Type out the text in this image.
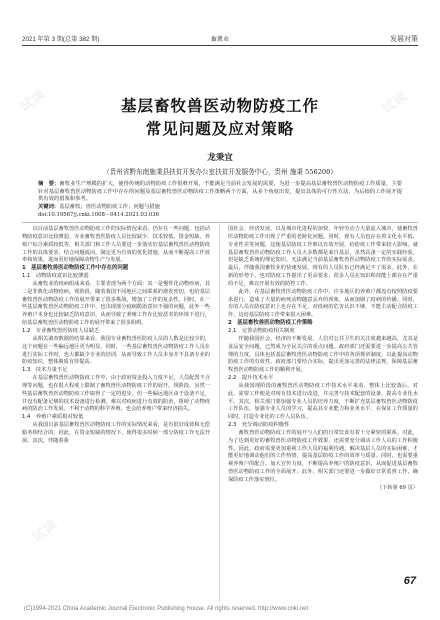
试读	试读
试读
试读
试读
2021 年第 3 期(总第 382 期)	畜禽业	发展对策
基层畜牧兽医动物防疫工作
常见问题及应对策略
龙秉宜
（贵州省黔东南施秉县扶贫开发办公室扶贫开发服务中心，贵州 施秉 556200）
摘　要：畜牧业生产规模的扩大，使得传统的动物防疫工作很难开展，不能满足当前社会发展的需要。为进一步提高基层畜牧兽医动物防疫工作质量，主要针对基层畜牧兽医动物防疫工作中存在的问题及基层畜牧兽医动物防疫工作策略两个方面，从多个角度出发，提出具体的可行性方法，为后续的工作展开提供有效的借鉴和参考。
关键词：基层畜牧；兽医动物防疫工作；问题与措施
doi:10.19567/j.cnki.1008－0414.2021.03.036

以目前基层畜牧兽医动物防疫工作的实际情况来看，仍存在一些问题，包括动物防疫意识比较薄弱、专业畜牧兽医防疫人员比较缺少、技术较低、资金短缺、养殖户综合素质较低等，相关部门和工作人员要进一步落实好基层畜牧兽医动物防疫工作的具体要求，结合问题成因，制定更为有效的优化措施，从而不断提高工作效率和效果，进而更好地保障动物生产与发展。

1　基层畜牧兽医动物防疫工作中存在的问题

1.1　动物防疫意识比较薄弱

从畜牧业的疫病组成来看，主要表现为两个方面：其一是慢性化动物疾病，其二是非典化动物疫病。现阶段，随着我国不同地区之间联系的愈发密切，也给基层畜牧兽医动物防疫工作的展开带来了很多挑战，增加了工作的复杂性。同时，在一些基层畜牧兽医动物防疫工作中，也出现部分疫病防治意识不强的问题，此外一些养殖户本身也比较缺乏防疫意识，从而导致了养殖工作在比较恶劣的环境下进行，给基层畜牧兽医动物防疫工作的展开带来了很多阻碍。

1.2　专业畜牧兽医防疫人员缺乏

从相关调查数据的结果来看，我国专业畜牧兽医防疫人员的人数是比较少的，这个问题在一些偏远地区更为明显。同时，一些基层畜牧兽医动物防疫工作人员在进行实际工作时，也大都缺少专业的培训，从而导致工作人员本身并不具备专业的防疫知识，整体素质有待提高。

1.3　技术力量不足

在基层畜牧兽医动物防疫工作中，由于政府资金投入力度不足，人员配置不合理等问题，也在很大程度上限制了畜牧兽医动物防疫工作的展开。现阶段，虽然一些基层畜牧兽医动物防疫工作取得了一定的进步，但一些偏远地区由于设备不足，并没有配备足够的技术设备进行检测，难以对疫病进行有效的防治，阻碍了动物疫病的防治工作发展，不利于动物的科学养殖，也会给养殖户带来经济损失。

1.4　养殖户素质相对较低

从我国目前基层畜牧兽医动物防疫工作的实际情况来看，是有很好成效和无偿服务相结合的，因此，在资金短缺的情况下，使得很多时候一部分防疫工作无法开展。其次，伴随着我

国社会、经济发展，以及城市化进程的加快，年轻劳动力大量流入城市，使畜牧兽医动物防疫工作出现了严重的老龄化问题。同时，现有人员也存在着文化水平低、专业性差等问题，这使基层防疫工作难以有效开展，给防疫工作带来较大影响。就基层畜牧兽医动物防疫工作人员大多数都是来自基层，虽然具备一定的实践经验，但是缺乏系统的理论知识，无法满足当前基层畜牧兽医动物防疫工作的实际需求。最后，伴随我国畜牧业的快速发展，现有的人员队伍已经满足不了需求。此外，在新的形势下，也对防疫工作提出了更高要求，很多人员在知识和技能上都存在严重的不足，难以开展有效的防控工作。

此外，在基层畜牧兽医动物防疫工作中，许多地区的养殖户都没有按照防疫要求进行，造成了大量的病死动物随意丢弃的现象，从而加剧了疫病的传播。同时，有的人员在防疫意识上也存在不足，对疫病的危害认识不够，不能主动配合防疫工作，这给基层防疫工作带来很大困难。

2　基层畜牧兽医动物防疫工作策略

2.1　完善动物防疫相关制度

伴随我国社会、经济的不断发展，人们对公共卫生的关注度越来越高，尤其是食品安全问题，已然成为全民关注的重点问题。政府部门还需要进一步提高公共管理的力度，具体包括基层畜牧兽医动物防疫工作中的各项规章制度，以此提高动物防疫工作的有效性。政府部门要结合实际，提出更加完善的法律法规，保障基层畜牧兽医动物防疫工作的顺利开展。

2.2　提升技术水平

从我国现阶段的畜牧兽医动物防疫工作技术水平来看，整体上比较落后。对此，需要工作便是对现有技术进行改进，并完善与技术配套的设备，提高专业化水平。其次，相关部门要加强专业人员的培养力度，不断扩充基层畜牧兽医动物防疫工作队伍，加强专业人员的学习，提高其专业能力和业务水平，在保证工作质量的同时，打造专业化的工作人员队伍。

2.3　充分调动防疫积极性

畜牧兽医动物防疫工作的展开与人们的日常饮食有着十分紧密的联系。对此，为了达到更好的畜牧兽医动物防疫工作效果，还需要充分调动工作人员的工作积极性。因此，政府需要更加重视工作人员的福利待遇，解决基层人员的实际困难，才能更好地调动他们的工作热情，提高基层防疫工作的效率与质量。同时，也需要重视养殖户的配合，加大宣传力度，不断提高养殖户的防疫意识，从而促进基层畜牧兽医动物防疫工作的全面展开。此外，相关部门还要进一步做好日常监督工作，确保防疫工作落实到位。

（下转第 69 页）

67
(C)1994-2021 China Academic Journal Electronic Publishing House. All rights reserved. http://www.cnki.net
